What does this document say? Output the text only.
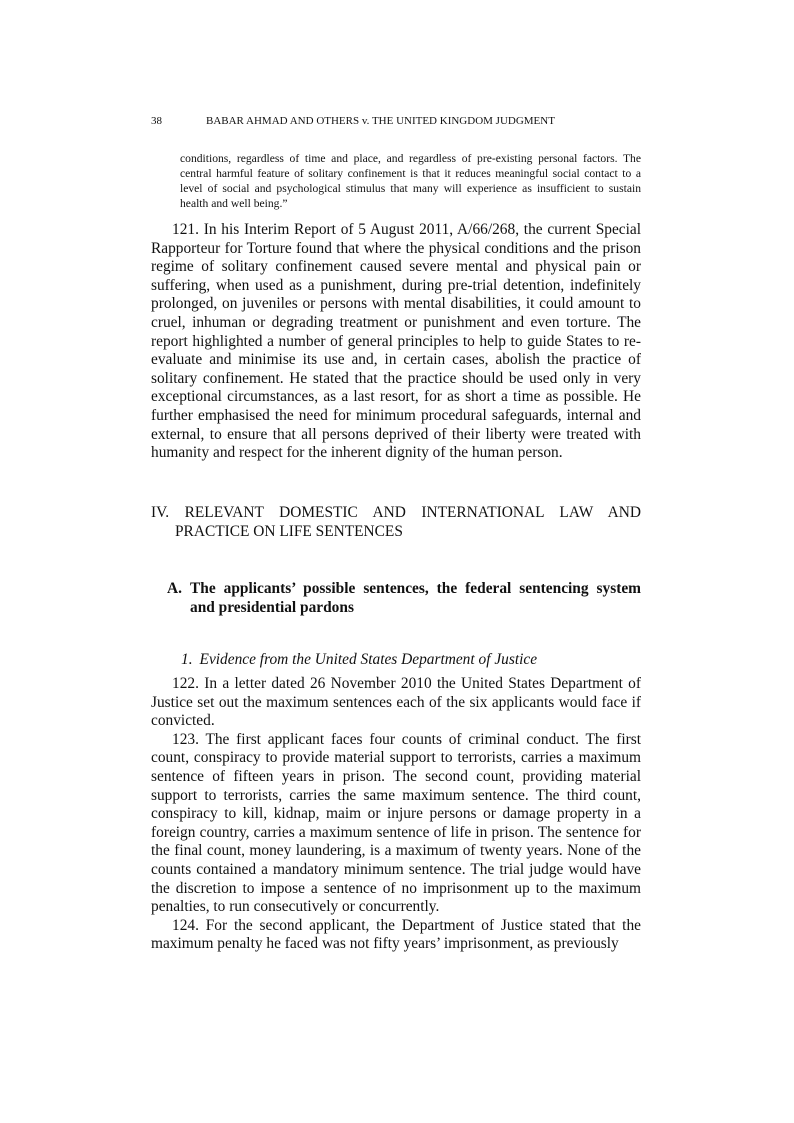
38	BABAR AHMAD AND OTHERS v. THE UNITED KINGDOM JUDGMENT
conditions, regardless of time and place, and regardless of pre-existing personal factors. The central harmful feature of solitary confinement is that it reduces meaningful social contact to a level of social and psychological stimulus that many will experience as insufficient to sustain health and well being.”

121. In his Interim Report of 5 August 2011, A/66/268, the current Special Rapporteur for Torture found that where the physical conditions and the prison regime of solitary confinement caused severe mental and physical pain or suffering, when used as a punishment, during pre-trial detention, indefinitely prolonged, on juveniles or persons with mental disabilities, it could amount to cruel, inhuman or degrading treatment or punishment and even torture. The report highlighted a number of general principles to help to guide States to re-evaluate and minimise its use and, in certain cases, abolish the practice of solitary confinement. He stated that the practice should be used only in very exceptional circumstances, as a last resort, for as short a time as possible. He further emphasised the need for minimum procedural safeguards, internal and external, to ensure that all persons deprived of their liberty were treated with humanity and respect for the inherent dignity of the human person.

IV. RELEVANT DOMESTIC AND INTERNATIONAL LAW AND
PRACTICE ON LIFE SENTENCES
A. The applicants’ possible sentences, the federal sentencing system
and presidential pardons
1. Evidence from the United States Department of Justice

122. In a letter dated 26 November 2010 the United States Department of Justice set out the maximum sentences each of the six applicants would face if convicted.

123. The first applicant faces four counts of criminal conduct. The first count, conspiracy to provide material support to terrorists, carries a maximum sentence of fifteen years in prison. The second count, providing material support to terrorists, carries the same maximum sentence. The third count, conspiracy to kill, kidnap, maim or injure persons or damage property in a foreign country, carries a maximum sentence of life in prison. The sentence for the final count, money laundering, is a maximum of twenty years. None of the counts contained a mandatory minimum sentence. The trial judge would have the discretion to impose a sentence of no imprisonment up to the maximum penalties, to run consecutively or concurrently.

124. For the second applicant, the Department of Justice stated that the maximum penalty he faced was not fifty years’ imprisonment, as previously
